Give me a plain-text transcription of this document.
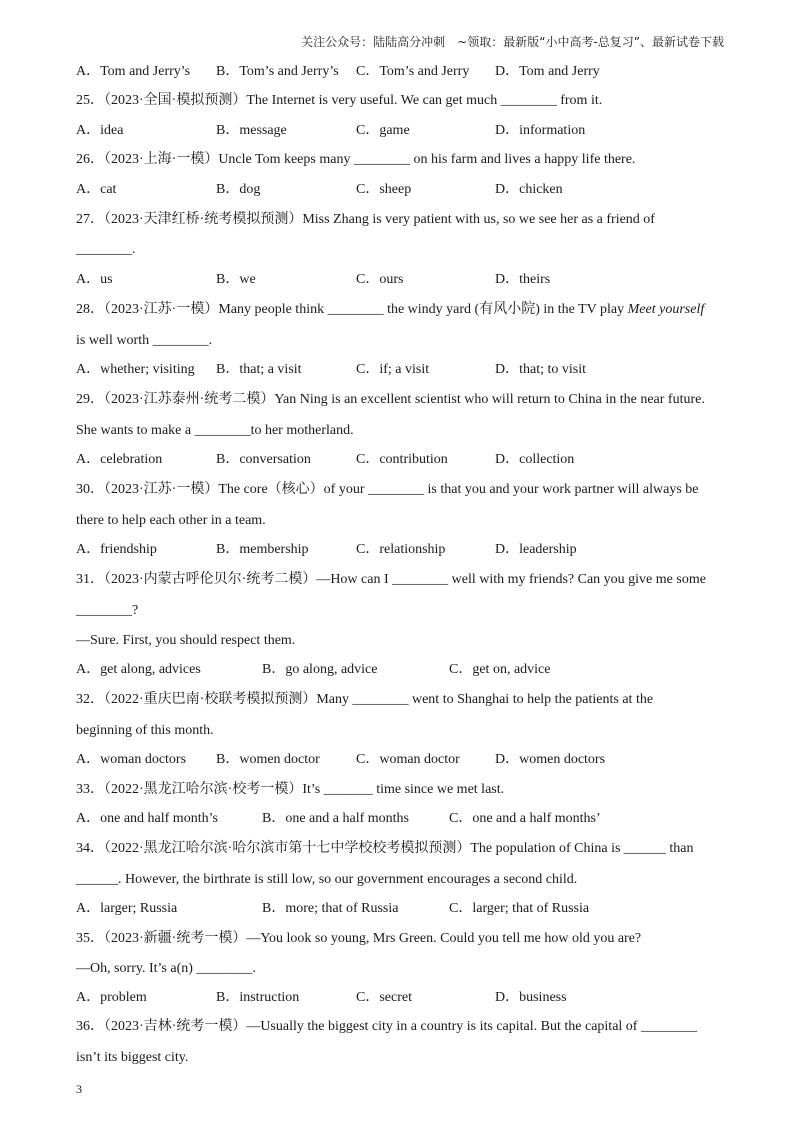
关注公众号：陆陆高分冲刺　~领取：最新版“小中高考-总复习”、最新试卷下载
A．Tom and Jerry’s B．Tom’s and Jerry’s C．Tom’s and Jerry D．Tom and Jerry
25．（2023·全国·模拟预测）The Internet is very useful. We can get much ________ from it.
A．idea	B．message	C．game	D．information
26．（2023·上海·一模）Uncle Tom keeps many ________ on his farm and lives a happy life there.
A．cat	B．dog	C．sheep	D．chicken
27．（2023·天津红桥·统考模拟预测）Miss Zhang is very patient with us, so we see her as a friend of
________.
A．us	B．we	C．ours	D．theirs
28．（2023·江苏·一模）Many people think ________ the windy yard (有风小院) in the TV play Meet yourself
is well worth ________.
A．whether; visiting B．that; a visit	C．if; a visit	D．that; to visit
29．（2023·江苏泰州·统考二模）Yan Ning is an excellent scientist who will return to China in the near future.
She wants to make a ________to her motherland.
A．celebration	B．conversation	C．contribution	D．collection
30．（2023·江苏·一模）The core（核心）of your ________ is that you and your work partner will always be
there to help each other in a team.
A．friendship	B．membership	C．relationship	D．leadership
31．（2023·内蒙古呼伦贝尔·统考二模）—How can I ________ well with my friends? Can you give me some
________?
—Sure. First, you should respect them.
A．get along, advices	B．go along, advice	C．get on, advice
32．（2022·重庆巴南·校联考模拟预测）Many ________ went to Shanghai to help the patients at the
beginning of this month.
A．woman doctors B．women doctor	C．woman doctor	D．women doctors
33．（2022·黑龙江哈尔滨·校考一模）It’s _______ time since we met last.
A．one and half month’s	B．one and a half months	C．one and a half months’
34．（2022·黑龙江哈尔滨·哈尔滨市第十七中学校校考模拟预测）The population of China is ______ than
______. However, the birthrate is still low, so our government encourages a second child.
A．larger; Russia	B．more; that of Russia	C．larger; that of Russia
35．（2023·新疆·统考一模）—You look so young, Mrs Green. Could you tell me how old you are?
—Oh, sorry. It’s a(n) ________.
A．problem	B．instruction	C．secret	D．business
36．（2023·吉林·统考一模）—Usually the biggest city in a country is its capital. But the capital of ________
isn’t its biggest city.
3
